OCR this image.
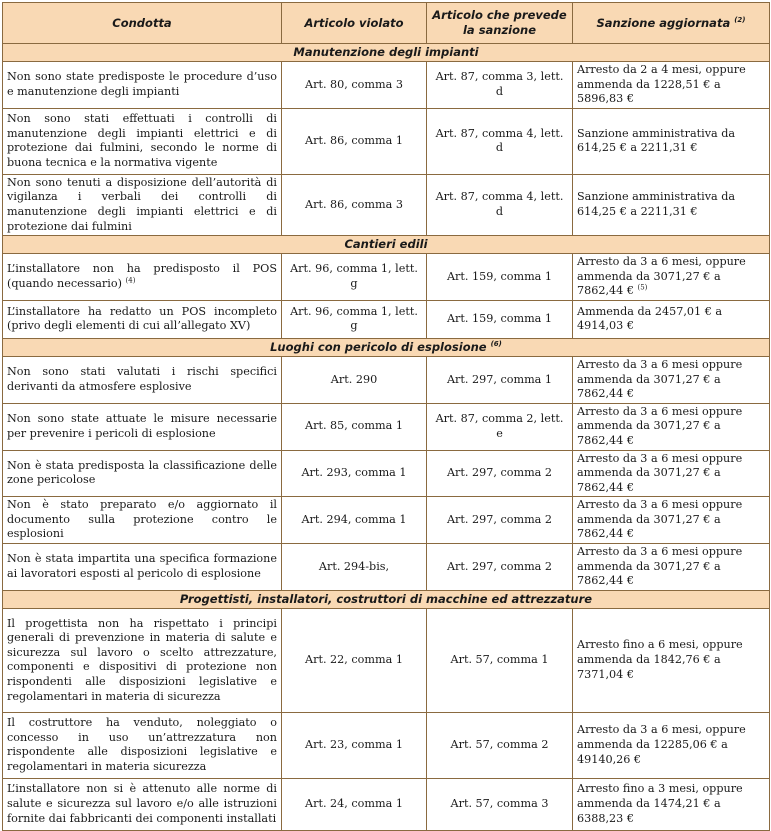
Condotta	Articolo violato	Articolo che prevede la sanzione	Sanzione aggiornata $^{(2)}$
Manutenzione degli impianti			
Non sono state predisposte le procedure d’uso e manutenzione degli impianti	Art. 80, comma 3	Art. 87, comma 3, lett. d	Arresto da 2 a 4 mesi, oppure ammenda da 1228,51 € a 5896,83 €
Non sono stati effettuati i controlli di manutenzione degli impianti elettrici e di protezione dai fulmini, secondo le norme di buona tecnica e la normativa vigente	Art. 86, comma 1	Art. 87, comma 4, lett. d	Sanzione amministrativa da 614,25 € a 2211,31 €
Non sono tenuti a disposizione dell’autorità di vigilanza i verbali dei controlli di manutenzione degli impianti elettrici e di protezione dai fulmini	Art. 86, comma 3	Art. 87, comma 4, lett. d	Sanzione amministrativa da 614,25 € a 2211,31 €
Cantieri edili			
L’installatore non ha predisposto il POS (quando necessario) $^{(4)}$	Art. 96, comma 1, lett. g	Art. 159, comma 1	Arresto da 3 a 6 mesi, oppure ammenda da 3071,27 € a 7862,44 € $^{(5)}$
L’installatore ha redatto un POS incompleto (privo degli elementi di cui all’allegato XV)	Art. 96, comma 1, lett. g	Art. 159, comma 1	Ammenda da 2457,01 € a 4914,03 €
Luoghi con pericolo di esplosione $^{(6)}$
Non sono stati valutati i rischi specifici derivanti da atmosfere esplosive	Art. 290	Art. 297, comma 1	Arresto da 3 a 6 mesi oppure ammenda da 3071,27 € a 7862,44 €
Non sono state attuate le misure necessarie per prevenire i pericoli di esplosione	Art. 85, comma 1	Art. 87, comma 2, lett. e	Arresto da 3 a 6 mesi oppure ammenda da 3071,27 € a 7862,44 €
Non è stata predisposta la classificazione delle zone pericolose	Art. 293, comma 1	Art. 297, comma 2	Arresto da 3 a 6 mesi oppure ammenda da 3071,27 € a 7862,44 €
Non è stato preparato e/o aggiornato il documento sulla protezione contro le esplosioni	Art. 294, comma 1	Art. 297, comma 2	Arresto da 3 a 6 mesi oppure ammenda da 3071,27 € a 7862,44 €
Non è stata impartita una specifica formazione ai lavoratori esposti al pericolo di esplosione	Art. 294-bis,	Art. 297, comma 2	Arresto da 3 a 6 mesi oppure ammenda da 3071,27 € a 7862,44 €
Progettisti, installatori, costruttori di macchine ed attrezzature			
Il progettista non ha rispettato i principi generali di prevenzione in materia di salute e sicurezza sul lavoro o scelto attrezzature, componenti e dispositivi di protezione non rispondenti alle disposizioni legislative e regolamentari in materia di sicurezza	Art. 22, comma 1	Art. 57, comma 1	Arresto fino a 6 mesi, oppure ammenda da 1842,76 € a 7371,04 €
Il costruttore ha venduto, noleggiato o concesso in uso un’attrezzatura non rispondente alle disposizioni legislative e regolamentari in materia sicurezza	Art. 23, comma 1	Art. 57, comma 2	Arresto da 3 a 6 mesi, oppure ammenda da 12285,06 € a 49140,26 €
L’installatore non si è attenuto alle norme di salute e sicurezza sul lavoro e/o alle istruzioni fornite dai fabbricanti dei componenti installati	Art. 24, comma 1	Art. 57, comma 3	Arresto fino a 3 mesi, oppure ammenda da 1474,21 € a 6388,23 €
